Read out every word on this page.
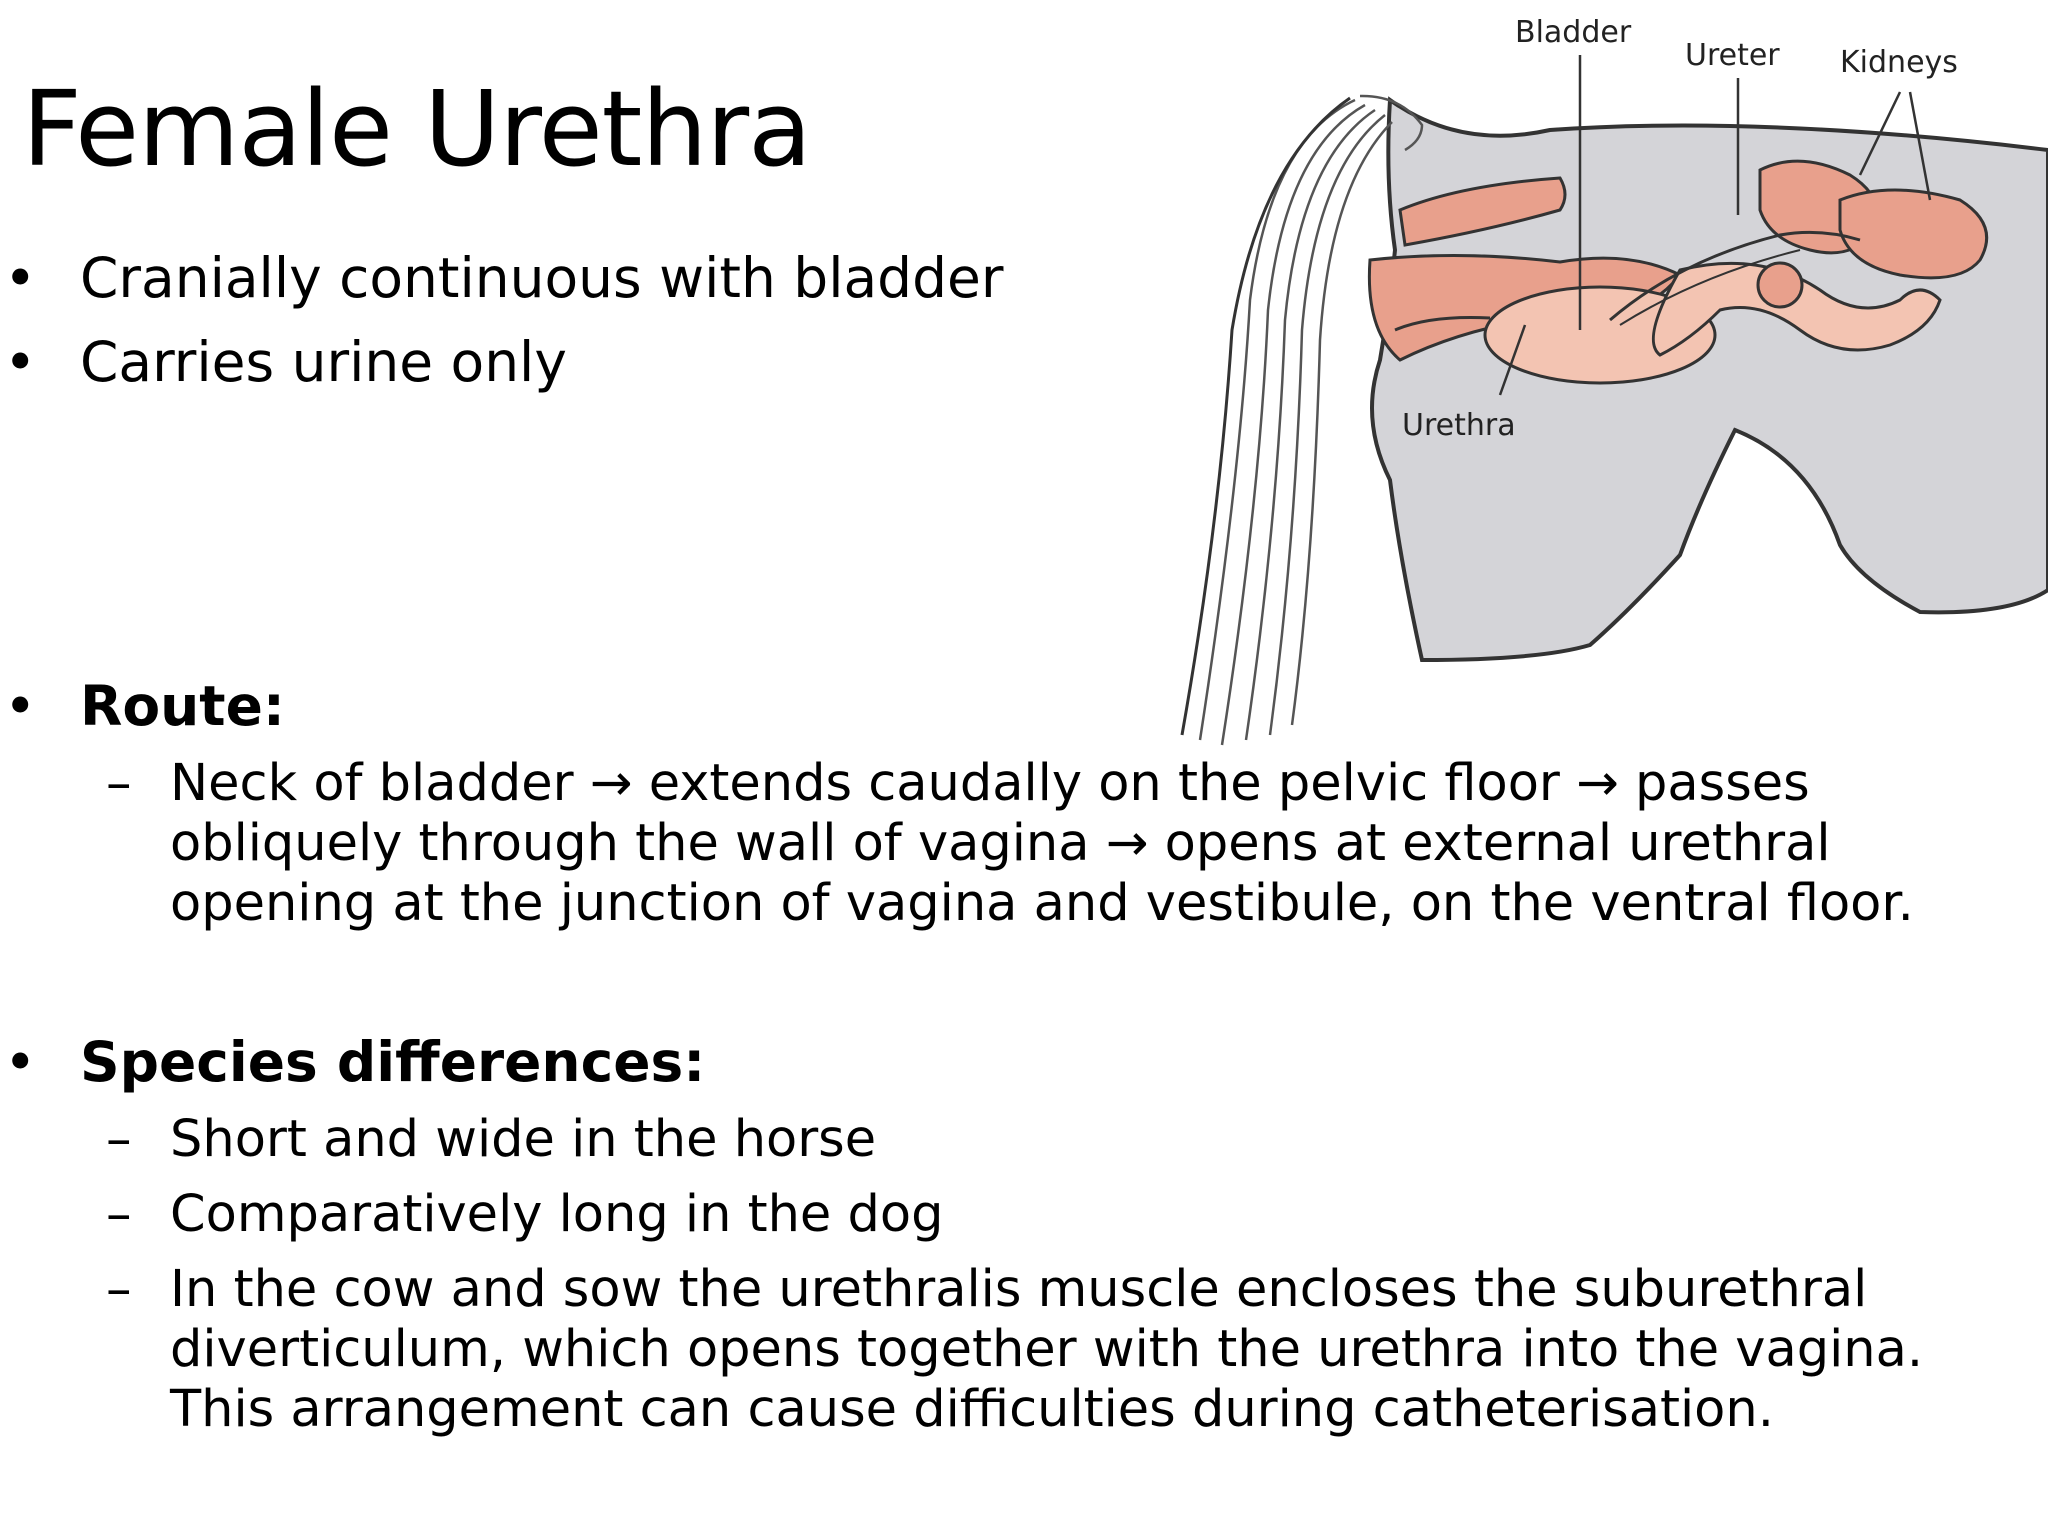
Female Urethra

• Cranially continuous with bladder

• Carries urine only

• Route:

– Neck of bladder → extends caudally on the pelvic floor → passes
obliquely through the wall of vagina → opens at external urethral
opening at the junction of vagina and vestibule, on the ventral floor.

• Species differences:

– Short and wide in the horse
– Comparatively long in the dog
– In the cow and sow the urethralis muscle encloses the suburethral
diverticulum, which opens together with the urethra into the vagina.
This arrangement can cause difficulties during catheterisation.
Bladder
Ureter Kidneys
Urethra
